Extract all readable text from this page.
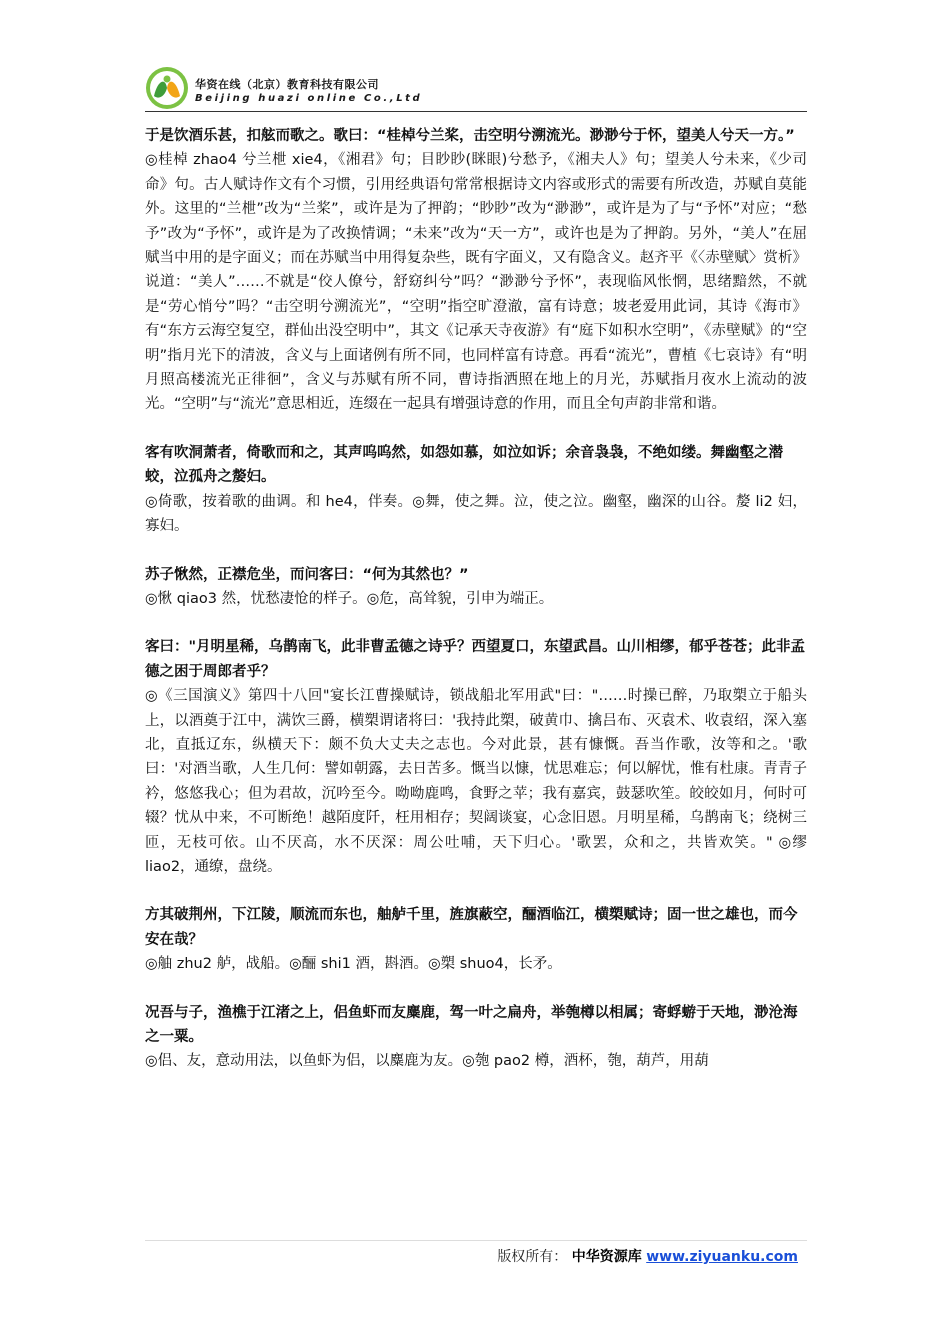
华资在线（北京）教育科技有限公司
Beijing huazi online Co.,Ltd

于是饮酒乐甚，扣舷而歌之。歌曰：“桂棹兮兰桨，击空明兮溯流光。渺渺兮于怀，望美人兮天一方。”

◎桂棹 zhao4 兮兰枻 xie4，《湘君》句；目眇眇(眯眼)兮愁予，《湘夫人》句；望美人兮未来，《少司命》句。古人赋诗作文有个习惯，引用经典语句常常根据诗文内容或形式的需要有所改造，苏赋自莫能外。这里的“兰枻”改为“兰桨”，或许是为了押韵；“眇眇”改为“渺渺”，或许是为了与“予怀”对应；“愁予”改为“予怀”，或许是为了改换情调；“未来”改为“天一方”，或许也是为了押韵。另外，“美人”在屈赋当中用的是字面义；而在苏赋当中用得复杂些，既有字面义，又有隐含义。赵齐平《〈赤壁赋〉赏析》说道：“美人”……不就是“佼人僚兮，舒窈纠兮”吗？“渺渺兮予怀”，表现临风怅惘，思绪黯然，不就是“劳心悄兮”吗？“击空明兮溯流光”，“空明”指空旷澄澈，富有诗意；坡老爱用此词，其诗《海市》有“东方云海空复空，群仙出没空明中”，其文《记承天寺夜游》有“庭下如积水空明”，《赤壁赋》的“空明”指月光下的清波，含义与上面诸例有所不同，也同样富有诗意。再看“流光”，曹植《七哀诗》有“明月照高楼流光正徘徊”，含义与苏赋有所不同，曹诗指洒照在地上的月光，苏赋指月夜水上流动的波光。“空明”与“流光”意思相近，连缀在一起具有增强诗意的作用，而且全句声韵非常和谐。

客有吹洞萧者，倚歌而和之，其声呜呜然，如怨如慕，如泣如诉；余音袅袅，不绝如缕。舞幽壑之潜蛟，泣孤舟之嫠妇。

◎倚歌，按着歌的曲调。和 he4，伴奏。◎舞，使之舞。泣，使之泣。幽壑，幽深的山谷。嫠 li2 妇，寡妇。

苏子愀然，正襟危坐，而问客曰：“何为其然也？”

◎愀 qiao3 然，忧愁凄怆的样子。◎危，高耸貌，引申为端正。

客曰："月明星稀，乌鹊南飞，此非曹孟德之诗乎？西望夏口，东望武昌。山川相缪，郁乎苍苍；此非孟德之困于周郎者乎？

◎《三国演义》第四十八回"宴长江曹操赋诗，锁战船北军用武"曰："……时操已醉，乃取槊立于船头上，以酒奠于江中，满饮三爵，横槊谓诸将曰：'我持此槊，破黄巾、擒吕布、灭袁术、收袁绍，深入塞北，直抵辽东，纵横天下：颇不负大丈夫之志也。今对此景，甚有慷慨。吾当作歌，汝等和之。'歌曰：'对酒当歌，人生几何：譬如朝露，去日苦多。慨当以慷，忧思难忘；何以解忧，惟有杜康。青青子衿，悠悠我心；但为君故，沉吟至今。呦呦鹿鸣，食野之苹；我有嘉宾，鼓瑟吹笙。皎皎如月，何时可辍？忧从中来，不可断绝！越陌度阡，枉用相存；契阔谈宴，心念旧恩。月明星稀，乌鹊南飞；绕树三匝，无枝可依。山不厌高，水不厌深：周公吐哺，天下归心。'歌罢，众和之，共皆欢笑。" ◎缪 liao2，通缭，盘绕。

方其破荆州，下江陵，顺流而东也，舳舻千里，旌旗蔽空，酾酒临江，横槊赋诗；固一世之雄也，而今安在哉？

◎舳 zhu2 舻，战船。◎酾 shi1 酒，斟酒。◎槊 shuo4，长矛。

况吾与子，渔樵于江渚之上，侣鱼虾而友麋鹿，驾一叶之扁舟，举匏樽以相属；寄蜉蝣于天地，渺沧海之一粟。

◎侣、友，意动用法，以鱼虾为侣，以麋鹿为友。◎匏 pao2 樽，酒杯，匏，葫芦，用葫

版权所有： 中华资源库 www.ziyuanku.com
